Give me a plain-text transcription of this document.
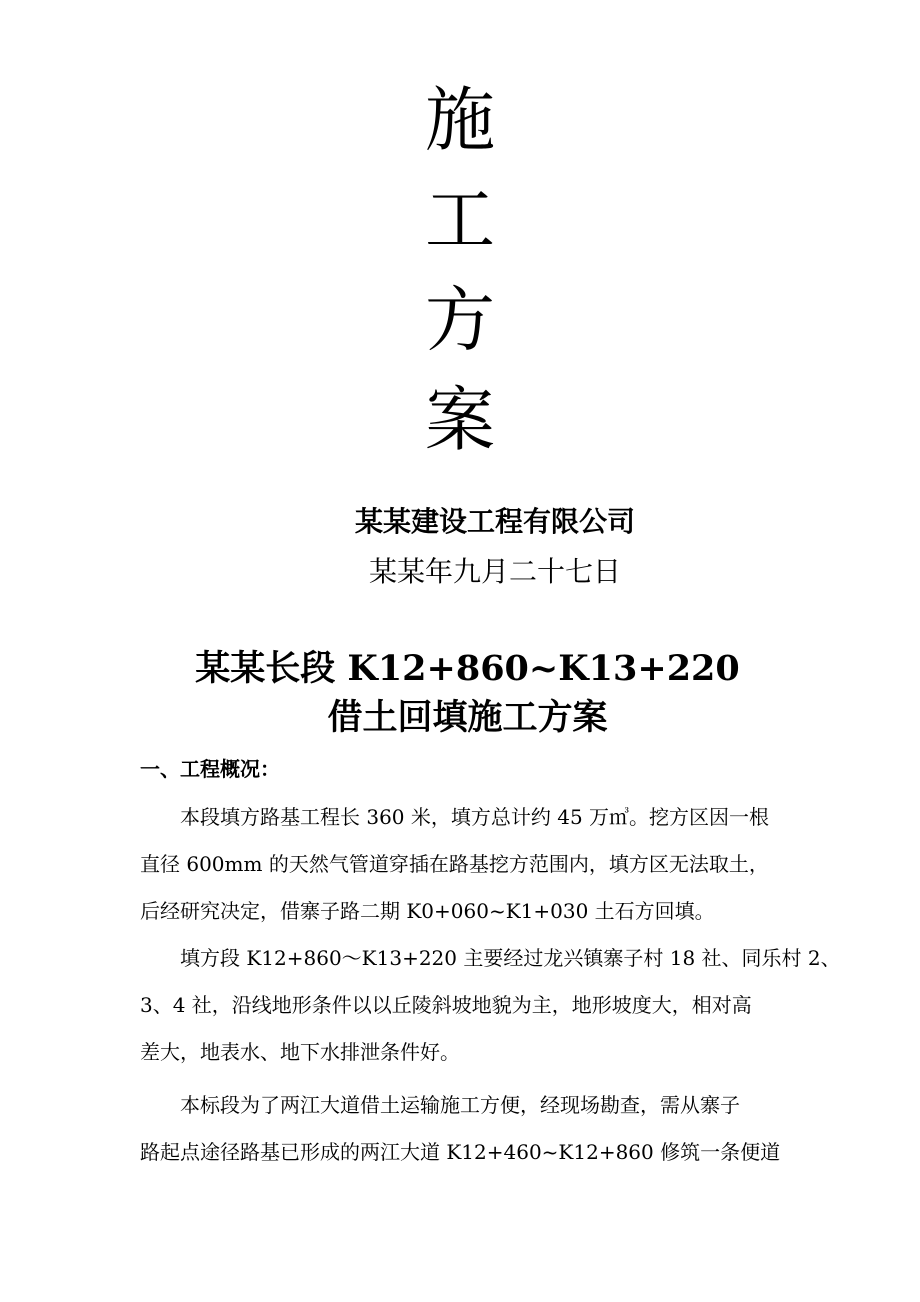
施
工
方
案
某某建设工程有限公司
某某年九月二十七日
某某长段 K12+860~K13+220
借土回填施工方案
一、工程概况：
本段填方路基工程长 360 米，填方总计约 45 万㎥。挖方区因一根
直径 600mm 的天然气管道穿插在路基挖方范围内，填方区无法取土，
后经研究决定，借寨子路二期 K0+060~K1+030 土石方回填。
填方段 K12+860～K13+220 主要经过龙兴镇寨子村 18 社、同乐村 2、
3、4 社，沿线地形条件以以丘陵斜坡地貌为主，地形坡度大，相对高
差大，地表水、地下水排泄条件好。
本标段为了两江大道借土运输施工方便，经现场勘查，需从寨子
路起点途径路基已形成的两江大道 K12+460~K12+860 修筑一条便道
